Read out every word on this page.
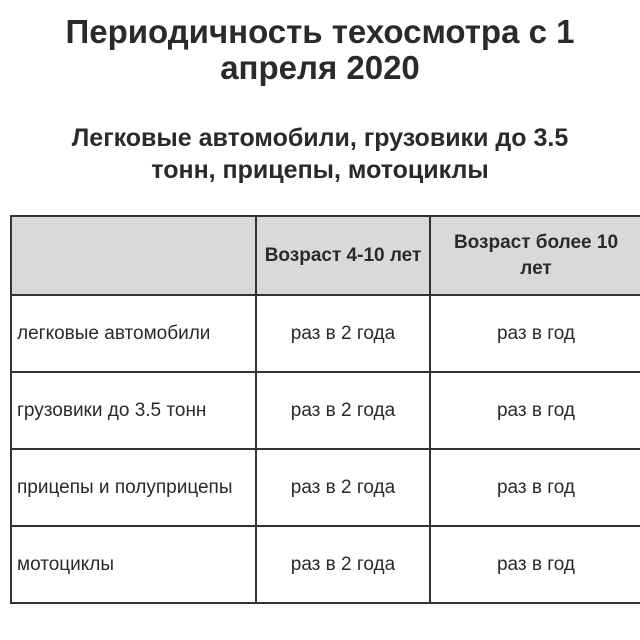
Периодичность техосмотра с 1
апреля 2020
Легковые автомобили, грузовики до 3.5
тонн, прицепы, мотоциклы
	Возраст 4-10 лет	Возраст более 10 лет
легковые автомобили	раз в 2 года	раз в год
грузовики до 3.5 тонн	раз в 2 года	раз в год
прицепы и полуприцепы	раз в 2 года	раз в год
мотоциклы	раз в 2 года	раз в год
